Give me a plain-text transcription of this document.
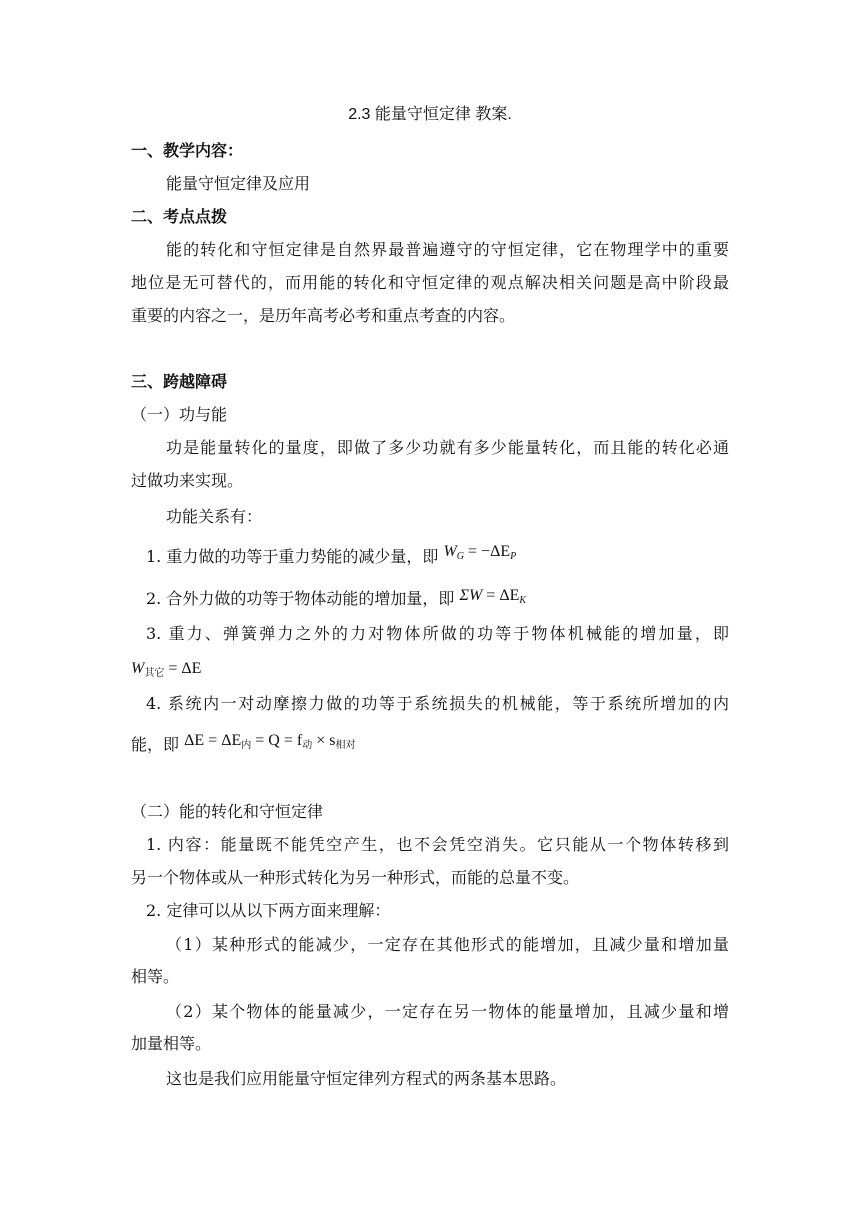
2.3 能量守恒定律 教案.
一、教学内容：
能量守恒定律及应用
二、考点点拨
能的转化和守恒定律是自然界最普遍遵守的守恒定律，它在物理学中的重要
地位是无可替代的，而用能的转化和守恒定律的观点解决相关问题是高中阶段最
重要的内容之一，是历年高考必考和重点考查的内容。
三、跨越障碍
（一）功与能
功是能量转化的量度，即做了多少功就有多少能量转化，而且能的转化必通
过做功来实现。
功能关系有：
1. 重力做的功等于重力势能的减少量，即 $W_G = -\Delta E_P$
2. 合外力做的功等于物体动能的增加量，即 $\Sigma W = \Delta E_K$
3. 重力、弹簧弹力之外的力对物体所做的功等于物体机械能的增加量，即
$W_{其它} = \Delta E$
4. 系统内一对动摩擦力做的功等于系统损失的机械能，等于系统所增加的内
能，即 $\Delta E = \Delta E_内 = Q = f_动 \times s_{相对}$
（二）能的转化和守恒定律
1. 内容：能量既不能凭空产生，也不会凭空消失。它只能从一个物体转移到
另一个物体或从一种形式转化为另一种形式，而能的总量不变。
2. 定律可以从以下两方面来理解：
（1）某种形式的能减少，一定存在其他形式的能增加，且减少量和增加量
相等。
（2）某个物体的能量减少，一定存在另一物体的能量增加，且减少量和增
加量相等。
这也是我们应用能量守恒定律列方程式的两条基本思路。
